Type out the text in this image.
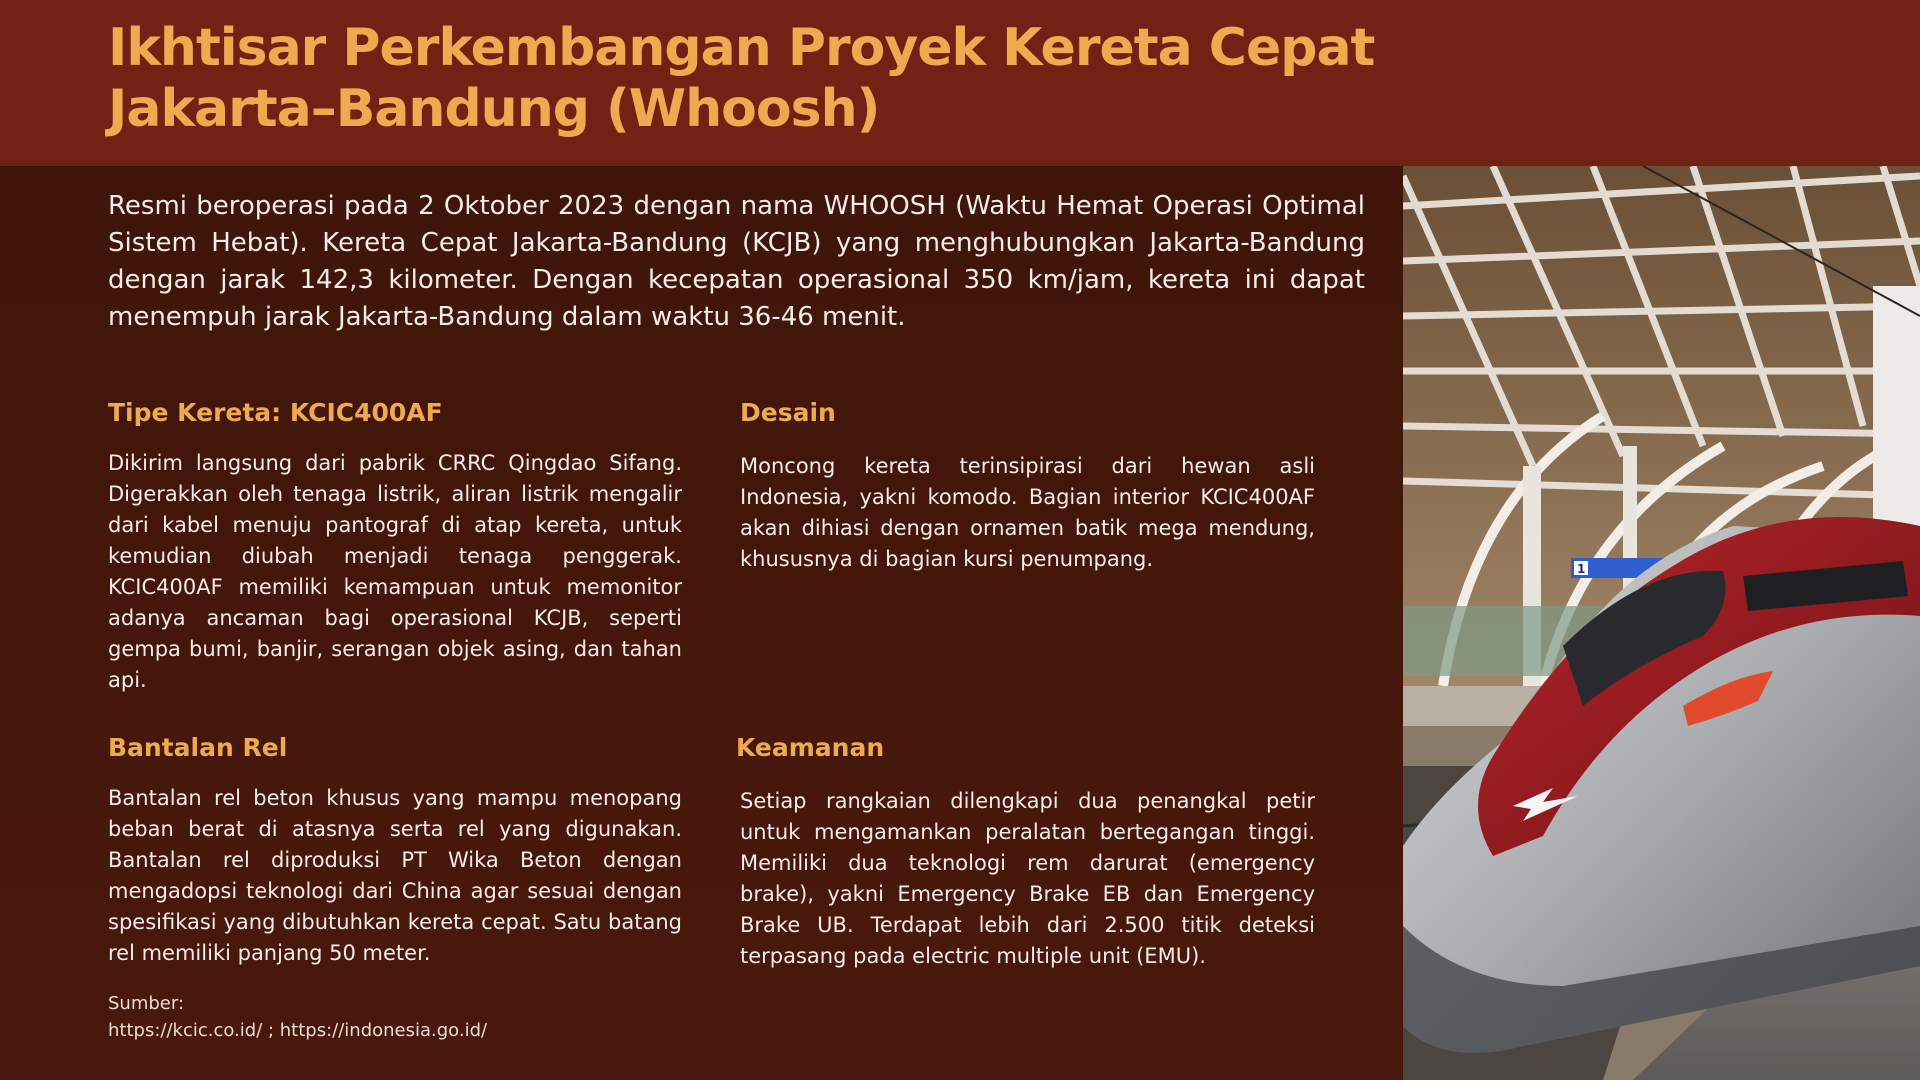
Ikhtisar Perkembangan Proyek Kereta Cepat Jakarta–Bandung (Whoosh)

Resmi beroperasi pada 2 Oktober 2023 dengan nama WHOOSH (Waktu Hemat Operasi Optimal Sistem Hebat). Kereta Cepat Jakarta-Bandung (KCJB) yang menghubungkan Jakarta-Bandung dengan jarak 142,3 kilometer. Dengan kecepatan operasional 350 km/jam, kereta ini dapat menempuh jarak Jakarta-Bandung dalam waktu 36-46 menit.

Tipe Kereta: KCIC400AF

Dikirim langsung dari pabrik CRRC Qingdao Sifang. Digerakkan oleh tenaga listrik, aliran listrik mengalir dari kabel menuju pantograf di atap kereta, untuk kemudian diubah menjadi tenaga penggerak. KCIC400AF memiliki kemampuan untuk memonitor adanya ancaman bagi operasional KCJB, seperti gempa bumi, banjir, serangan objek asing, dan tahan api.

Desain

Moncong kereta terinsipirasi dari hewan asli Indonesia, yakni komodo. Bagian interior KCIC400AF akan dihiasi dengan ornamen batik mega mendung, khususnya di bagian kursi penumpang.

Bantalan Rel

Bantalan rel beton khusus yang mampu menopang beban berat di atasnya serta rel yang digunakan. Bantalan rel diproduksi PT Wika Beton dengan mengadopsi teknologi dari China agar sesuai dengan spesifikasi yang dibutuhkan kereta cepat. Satu batang rel memiliki panjang 50 meter.

Keamanan

Setiap rangkaian dilengkapi dua penangkal petir untuk mengamankan peralatan bertegangan tinggi. Memiliki dua teknologi rem darurat (emergency brake), yakni Emergency Brake EB dan Emergency Brake UB. Terdapat lebih dari 2.500 titik deteksi terpasang pada electric multiple unit (EMU).

Sumber:
https://kcic.co.id/ ; https://indonesia.go.id/
1
